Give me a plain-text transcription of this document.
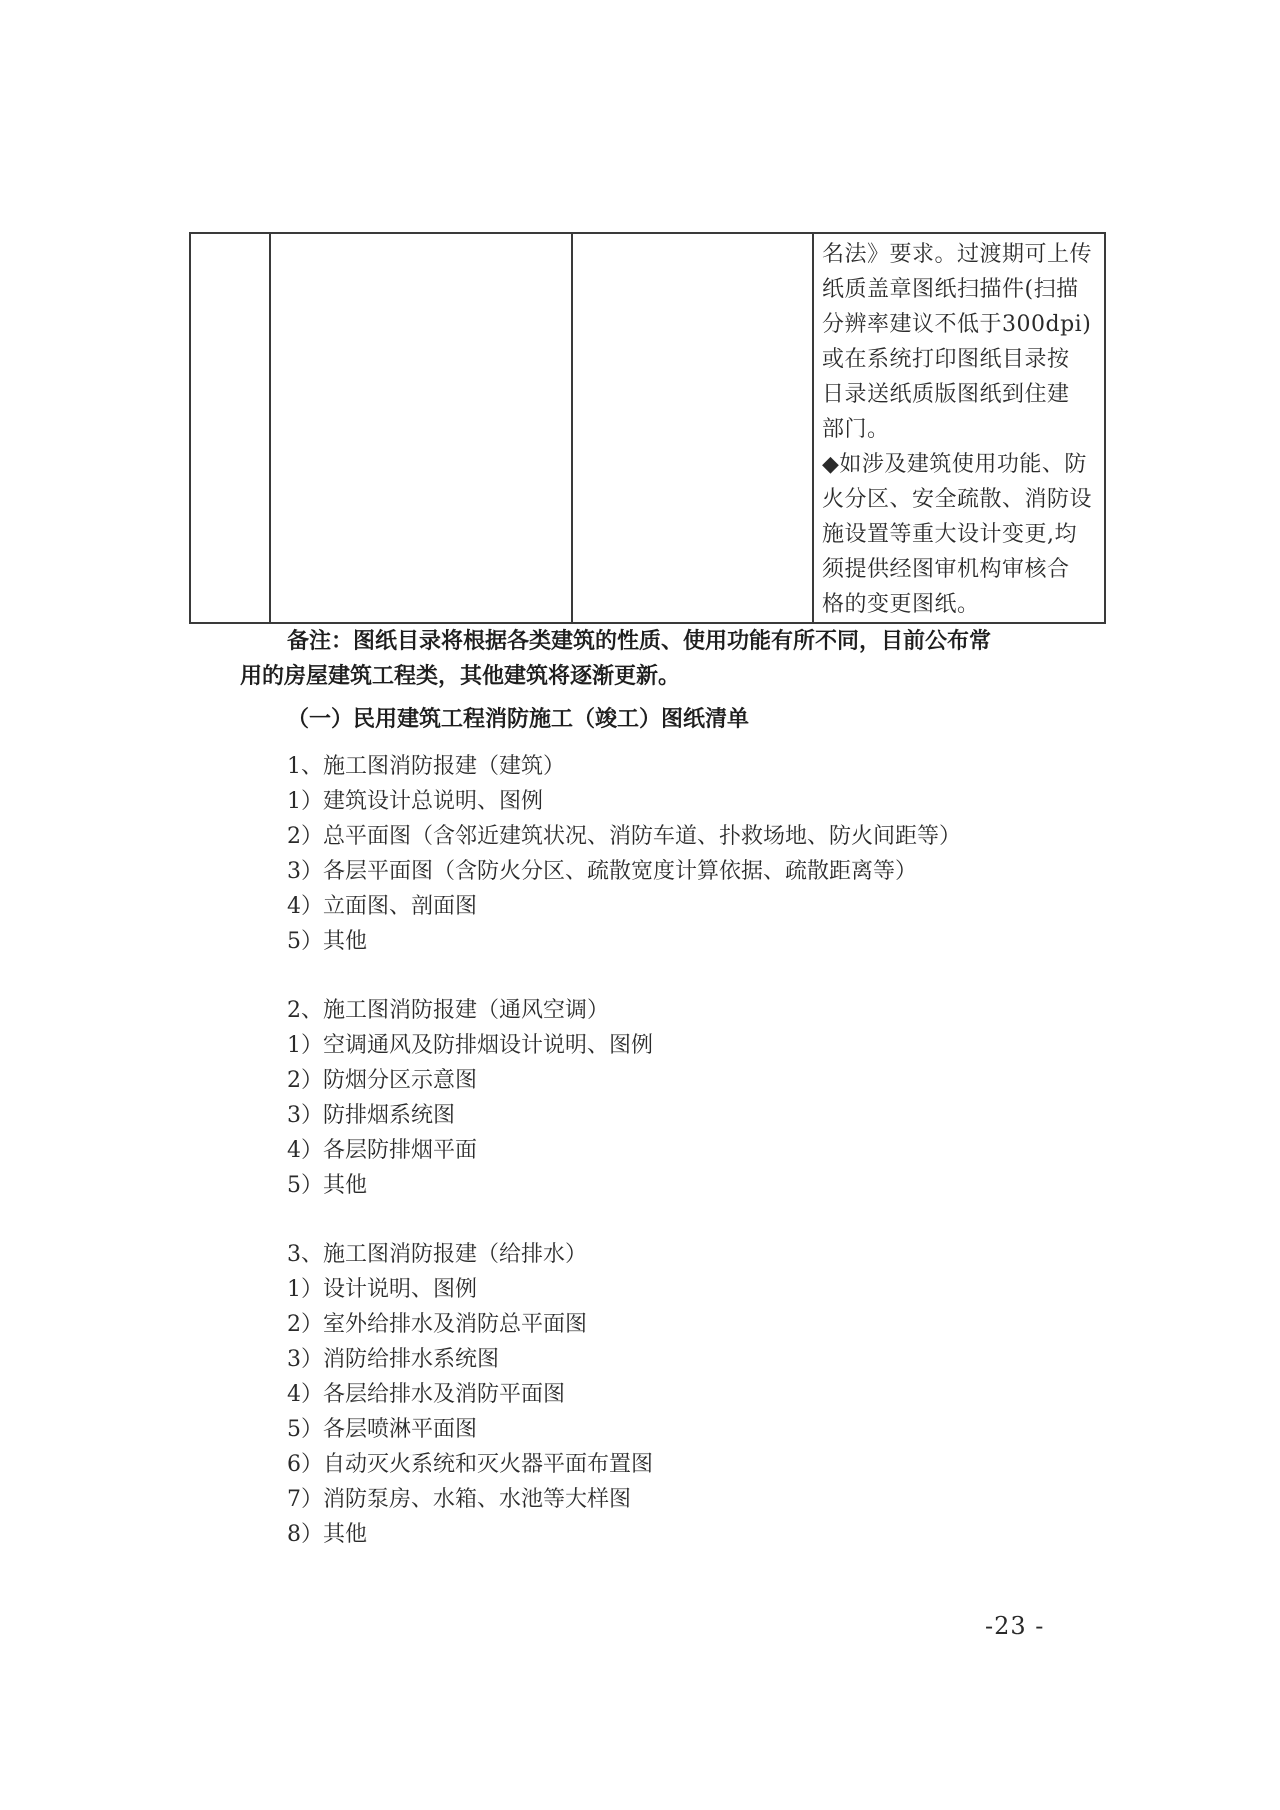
名法》要求。过渡期可上传

纸质盖章图纸扫描件(扫描

分辨率建议不低于300dpi)

或在系统打印图纸目录按

日录送纸质版图纸到住建

部门。

◆如涉及建筑使用功能、防

火分区、安全疏散、消防设

施设置等重大设计变更,均

须提供经图审机构审核合

格的变更图纸。

备注：图纸目录将根据各类建筑的性质、使用功能有所不同，目前公布常
用的房屋建筑工程类，其他建筑将逐渐更新。
（一）民用建筑工程消防施工（竣工）图纸清单
1、施工图消防报建（建筑）
1）建筑设计总说明、图例
2）总平面图（含邻近建筑状况、消防车道、扑救场地、防火间距等）
3）各层平面图（含防火分区、疏散宽度计算依据、疏散距离等）
4）立面图、剖面图
5）其他
2、施工图消防报建（通风空调）
1）空调通风及防排烟设计说明、图例
2）防烟分区示意图
3）防排烟系统图
4）各层防排烟平面
5）其他
3、施工图消防报建（给排水）
1）设计说明、图例
2）室外给排水及消防总平面图
3）消防给排水系统图
4）各层给排水及消防平面图
5）各层喷淋平面图
6）自动灭火系统和灭火器平面布置图
7）消防泵房、水箱、水池等大样图
8）其他
-23 -
